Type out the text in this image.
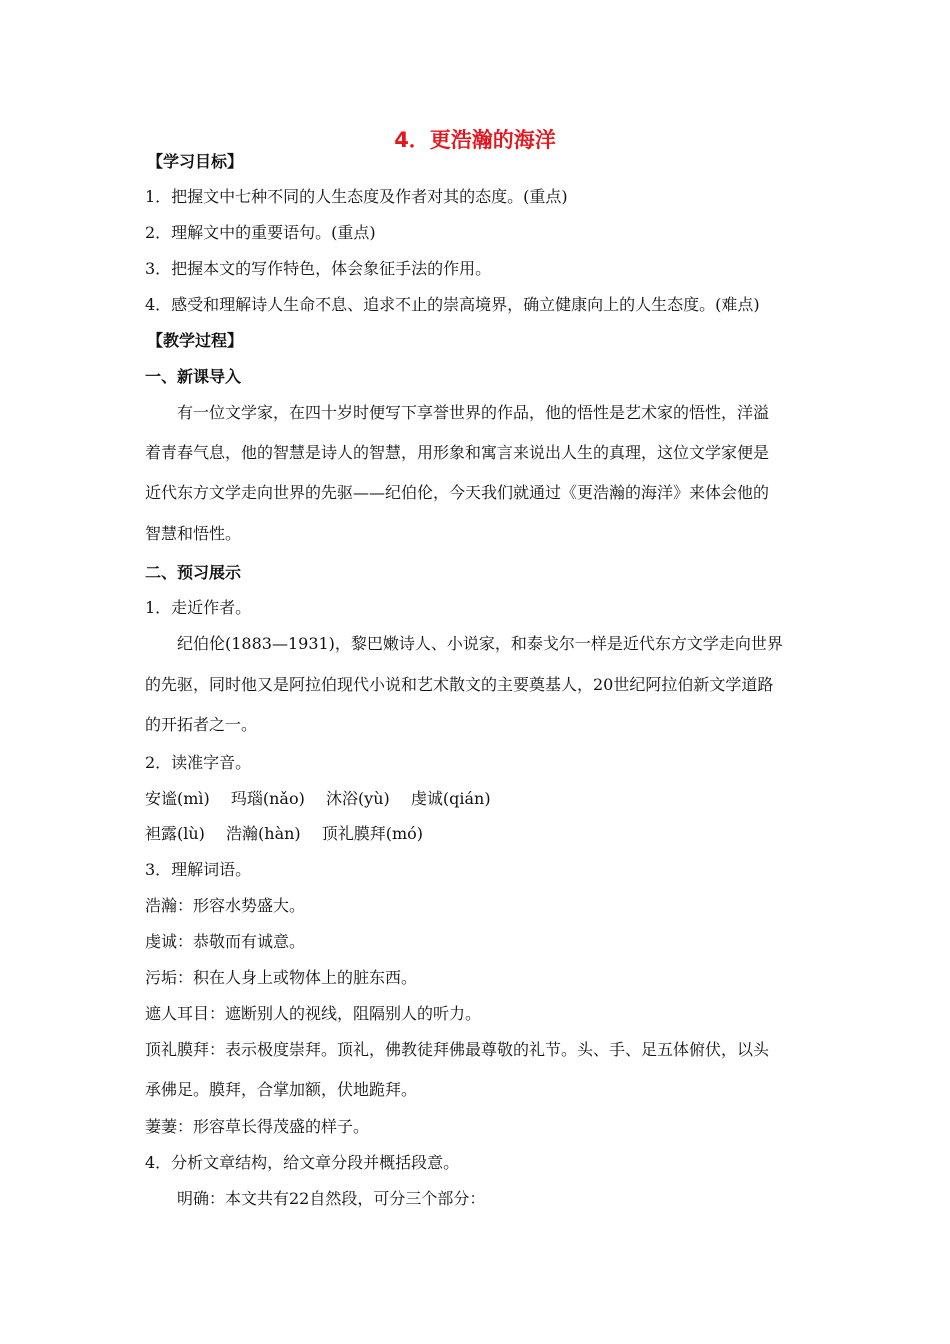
4．更浩瀚的海洋
【学习目标】
1．把握文中七种不同的人生态度及作者对其的态度。(重点)
2．理解文中的重要语句。(重点)
3．把握本文的写作特色，体会象征手法的作用。
4．感受和理解诗人生命不息、追求不止的崇高境界，确立健康向上的人生态度。(难点)
【教学过程】
一、新课导入
有一位文学家，在四十岁时便写下享誉世界的作品，他的悟性是艺术家的悟性，洋溢
着青春气息，他的智慧是诗人的智慧，用形象和寓言来说出人生的真理，这位文学家便是
近代东方文学走向世界的先驱——纪伯伦，今天我们就通过《更浩瀚的海洋》来体会他的
智慧和悟性。
二、预习展示
1．走近作者。
纪伯伦(1883—1931)，黎巴嫩诗人、小说家，和泰戈尔一样是近代东方文学走向世界
的先驱，同时他又是阿拉伯现代小说和艺术散文的主要奠基人，20世纪阿拉伯新文学道路
的开拓者之一。
2．读准字音。
安谧(mì) 玛瑙(nǎo) 沐浴(yù) 虔诚(qián)
袒露(lù) 浩瀚(hàn) 顶礼膜拜(mó)
3．理解词语。
浩瀚：形容水势盛大。
虔诚：恭敬而有诚意。
污垢：积在人身上或物体上的脏东西。
遮人耳目：遮断别人的视线，阻隔别人的听力。
顶礼膜拜：表示极度崇拜。顶礼，佛教徒拜佛最尊敬的礼节。头、手、足五体俯伏，以头
承佛足。膜拜，合掌加额，伏地跪拜。
萋萋：形容草长得茂盛的样子。
4．分析文章结构，给文章分段并概括段意。
明确：本文共有22自然段，可分三个部分：
